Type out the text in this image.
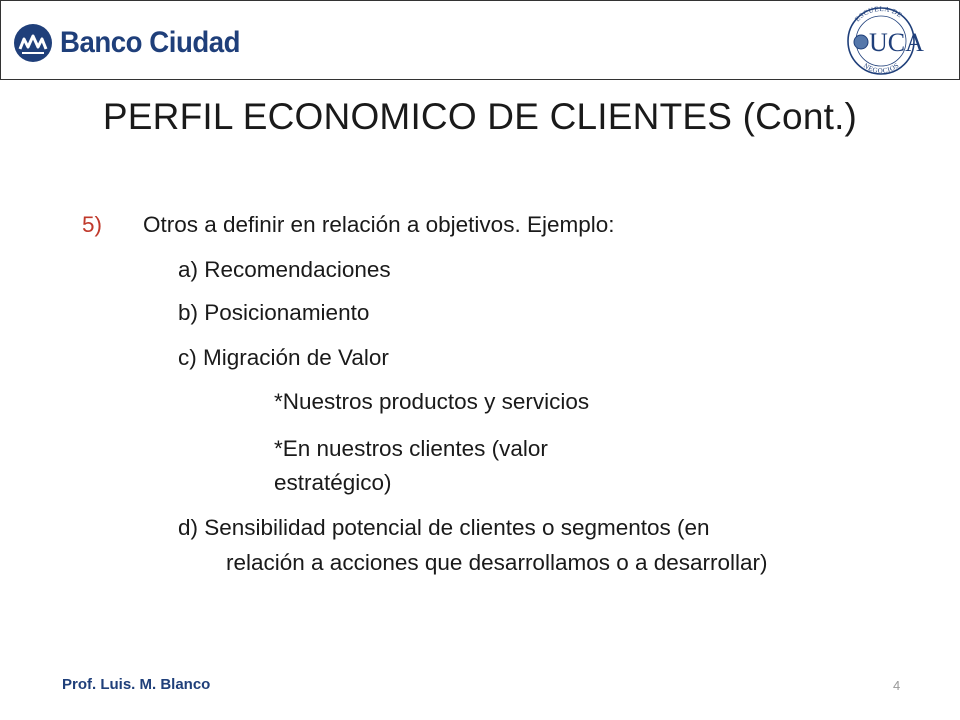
Banco Ciudad
ESCUELA DE
NEGOCIOS
UCA
PERFIL ECONOMICO DE CLIENTES (Cont.)
5) Otros a definir en relación a objetivos. Ejemplo:
a) Recomendaciones
b) Posicionamiento
c) Migración de Valor
*Nuestros productos y servicios
*En nuestros clientes (valor
estratégico)
d) Sensibilidad potencial de clientes o segmentos (en
relación a acciones que desarrollamos o a desarrollar)
Prof. Luis. M. Blanco	4
